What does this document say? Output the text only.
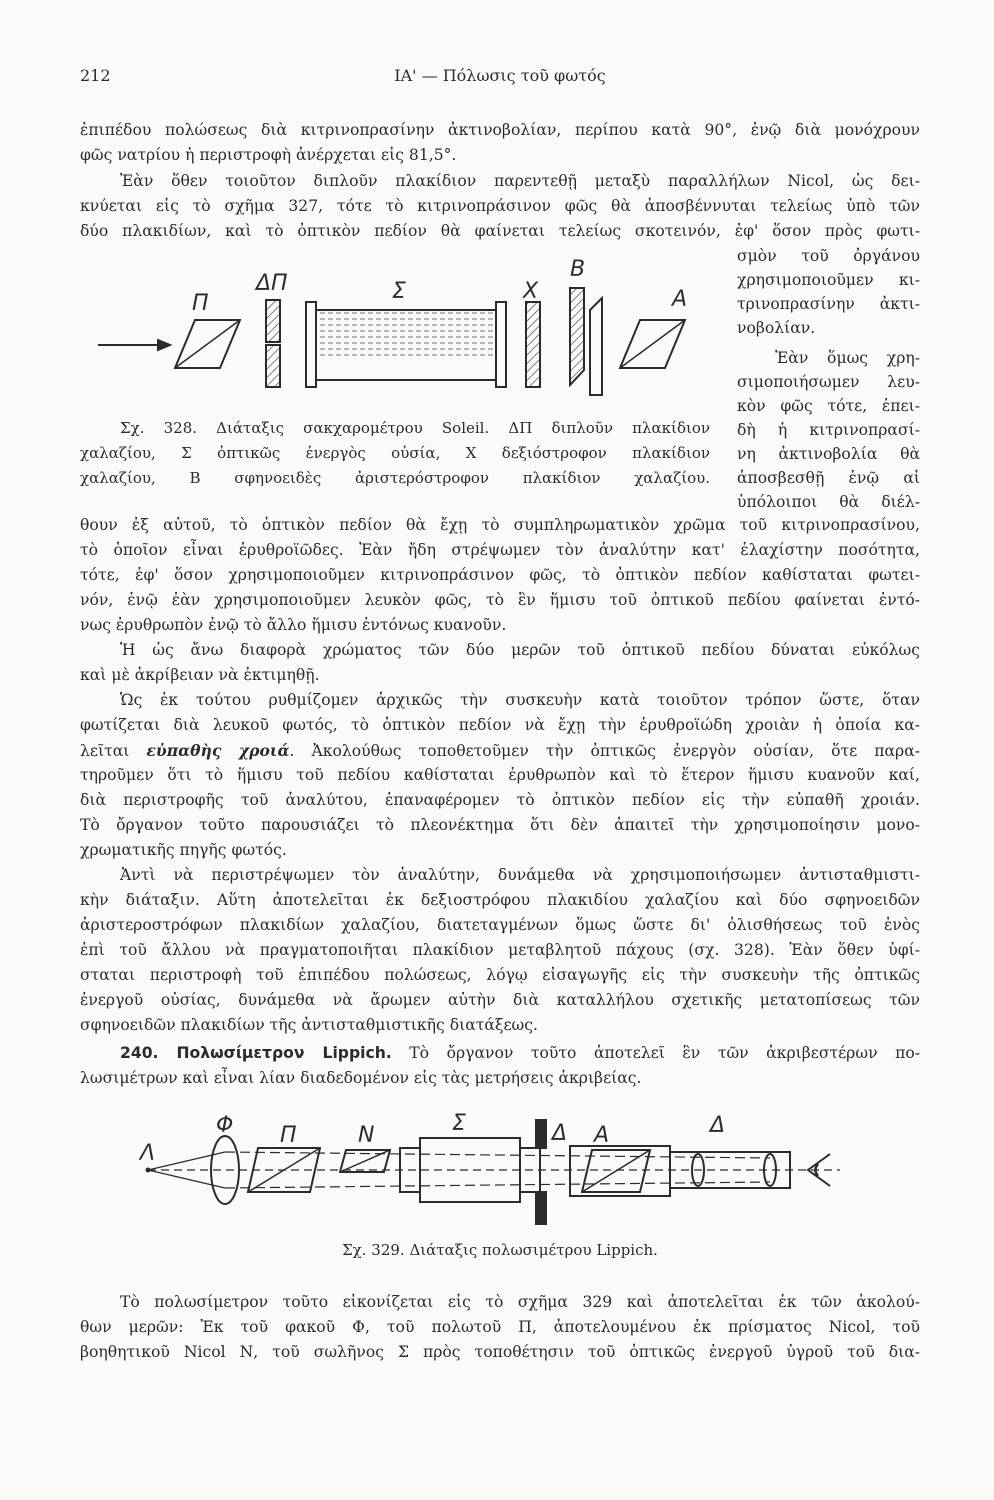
212	ΙΑ' — Πόλωσις τοῦ φωτός
ἐπιπέδου πολώσεως διὰ κιτρινοπρασίνην ἀκτινοβολίαν, περίπου κατὰ 90°, ἐνῷ διὰ μονόχρουν
φῶς νατρίου ἡ περιστροφὴ ἀνέρχεται εἰς 81,5°.
Ἐὰν ὅθεν τοιοῦτον διπλοῦν πλακίδιον παρεντεθῇ μεταξὺ παραλλήλων Nicol, ὡς δει-
κνύεται εἰς τὸ σχῆμα 327, τότε τὸ κιτρινοπράσινον φῶς θὰ ἀποσβέννυται τελείως ὑπὸ τῶν
δύο πλακιδίων, καὶ τὸ ὀπτικὸν πεδίον θὰ φαίνεται τελείως σκοτεινόν, ἐφ' ὅσον πρὸς φωτι-
σμὸν τοῦ ὀργάνου
χρησιμοποιοῦμεν κι-
τρινοπρασίνην ἀκτι-
νοβολίαν.
Ἐὰν ὅμως χρη-
σιμοποιήσωμεν λευ-
κὸν φῶς τότε, ἐπει-
δὴ ἡ κιτρινοπρασί-
νη ἀκτινοβολία θὰ
ἀποσβεσθῇ ἐνῷ αἱ
ὑπόλοιποι θὰ διέλ-
Π
ΔΠ	Σ	Χ
Β
Α
Σχ. 328. Διάταξις σακχαρομέτρου Soleil. ΔΠ διπλοῦν πλακίδιον
χαλαζίου, Σ ὀπτικῶς ἐνεργὸς οὐσία, Χ δεξιόστροφον πλακίδιον
χαλαζίου, Β σφηνοειδὲς ἀριστερόστροφον πλακίδιον χαλαζίου.
θουν ἐξ αὐτοῦ, τὸ ὀπτικὸν πεδίον θὰ ἔχῃ τὸ συμπληρωματικὸν χρῶμα τοῦ κιτρινοπρασίνου,
τὸ ὁποῖον εἶναι ἐρυθροϊῶδες. Ἐὰν ἤδη στρέψωμεν τὸν ἀναλύτην κατ' ἐλαχίστην ποσότητα,
τότε, ἐφ' ὅσον χρησιμοποιοῦμεν κιτρινοπράσινον φῶς, τὸ ὀπτικὸν πεδίον καθίσταται φωτει-
νόν, ἐνῷ ἐὰν χρησιμοποιοῦμεν λευκὸν φῶς, τὸ ἓν ἥμισυ τοῦ ὀπτικοῦ πεδίου φαίνεται ἐντό-
νως ἐρυθρωπὸν ἐνῷ τὸ ἄλλο ἥμισυ ἐντόνως κυανοῦν.
Ἡ ὡς ἄνω διαφορὰ χρώματος τῶν δύο μερῶν τοῦ ὀπτικοῦ πεδίου δύναται εὐκόλως
καὶ μὲ ἀκρίβειαν νὰ ἐκτιμηθῇ.
Ὡς ἐκ τούτου ρυθμίζομεν ἀρχικῶς τὴν συσκευὴν κατὰ τοιοῦτον τρόπον ὥστε, ὅταν
φωτίζεται διὰ λευκοῦ φωτός, τὸ ὀπτικὸν πεδίον νὰ ἔχῃ τὴν ἐρυθροϊώδη χροιὰν ἡ ὁποία κα-
λεῖται εὐπαθὴς χροιά. Ἀκολούθως τοποθετοῦμεν τὴν ὀπτικῶς ἐνεργὸν οὐσίαν, ὅτε παρα-
τηροῦμεν ὅτι τὸ ἥμισυ τοῦ πεδίου καθίσταται ἐρυθρωπὸν καὶ τὸ ἕτερον ἥμισυ κυανοῦν καί,
διὰ περιστροφῆς τοῦ ἀναλύτου, ἐπαναφέρομεν τὸ ὀπτικὸν πεδίον εἰς τὴν εὐπαθῆ χροιάν.
Τὸ ὄργανον τοῦτο παρουσιάζει τὸ πλεονέκτημα ὅτι δὲν ἀπαιτεῖ τὴν χρησιμοποίησιν μονο-
χρωματικῆς πηγῆς φωτός.
Ἀντὶ νὰ περιστρέψωμεν τὸν ἀναλύτην, δυνάμεθα νὰ χρησιμοποιήσωμεν ἀντισταθμιστι-
κὴν διάταξιν. Αὕτη ἀποτελεῖται ἐκ δεξιοστρόφου πλακιδίου χαλαζίου καὶ δύο σφηνοειδῶν
ἀριστεροστρόφων πλακιδίων χαλαζίου, διατεταγμένων ὅμως ὥστε δι' ὀλισθήσεως τοῦ ἑνὸς
ἐπὶ τοῦ ἄλλου νὰ πραγματοποιῆται πλακίδιον μεταβλητοῦ πάχους (σχ. 328). Ἐὰν ὅθεν ὑφί-
σταται περιστροφὴ τοῦ ἐπιπέδου πολώσεως, λόγῳ εἰσαγωγῆς εἰς τὴν συσκευὴν τῆς ὀπτικῶς
ἐνεργοῦ οὐσίας, δυνάμεθα νὰ ἄρωμεν αὐτὴν διὰ καταλλήλου σχετικῆς μετατοπίσεως τῶν
σφηνοειδῶν πλακιδίων τῆς ἀντισταθμιστικῆς διατάξεως.
240. Πολωσίμετρον Lippich. Τὸ ὄργανον τοῦτο ἀποτελεῖ ἓν τῶν ἀκριβεστέρων πο-
λωσιμέτρων καὶ εἶναι λίαν διαδεδομένον εἰς τὰς μετρήσεις ἀκριβείας.
Λ
Φ Π	Ν	Σ	Δ Α	Δ
Σχ. 329. Διάταξις πολωσιμέτρου Lippich.
Τὸ πολωσίμετρον τοῦτο εἰκονίζεται εἰς τὸ σχῆμα 329 καὶ ἀποτελεῖται ἐκ τῶν ἀκολού-
θων μερῶν: Ἐκ τοῦ φακοῦ Φ, τοῦ πολωτοῦ Π, ἀποτελουμένου ἐκ πρίσματος Nicol, τοῦ
βοηθητικοῦ Nicol Ν, τοῦ σωλῆνος Σ πρὸς τοποθέτησιν τοῦ ὀπτικῶς ἐνεργοῦ ὑγροῦ τοῦ δια-
